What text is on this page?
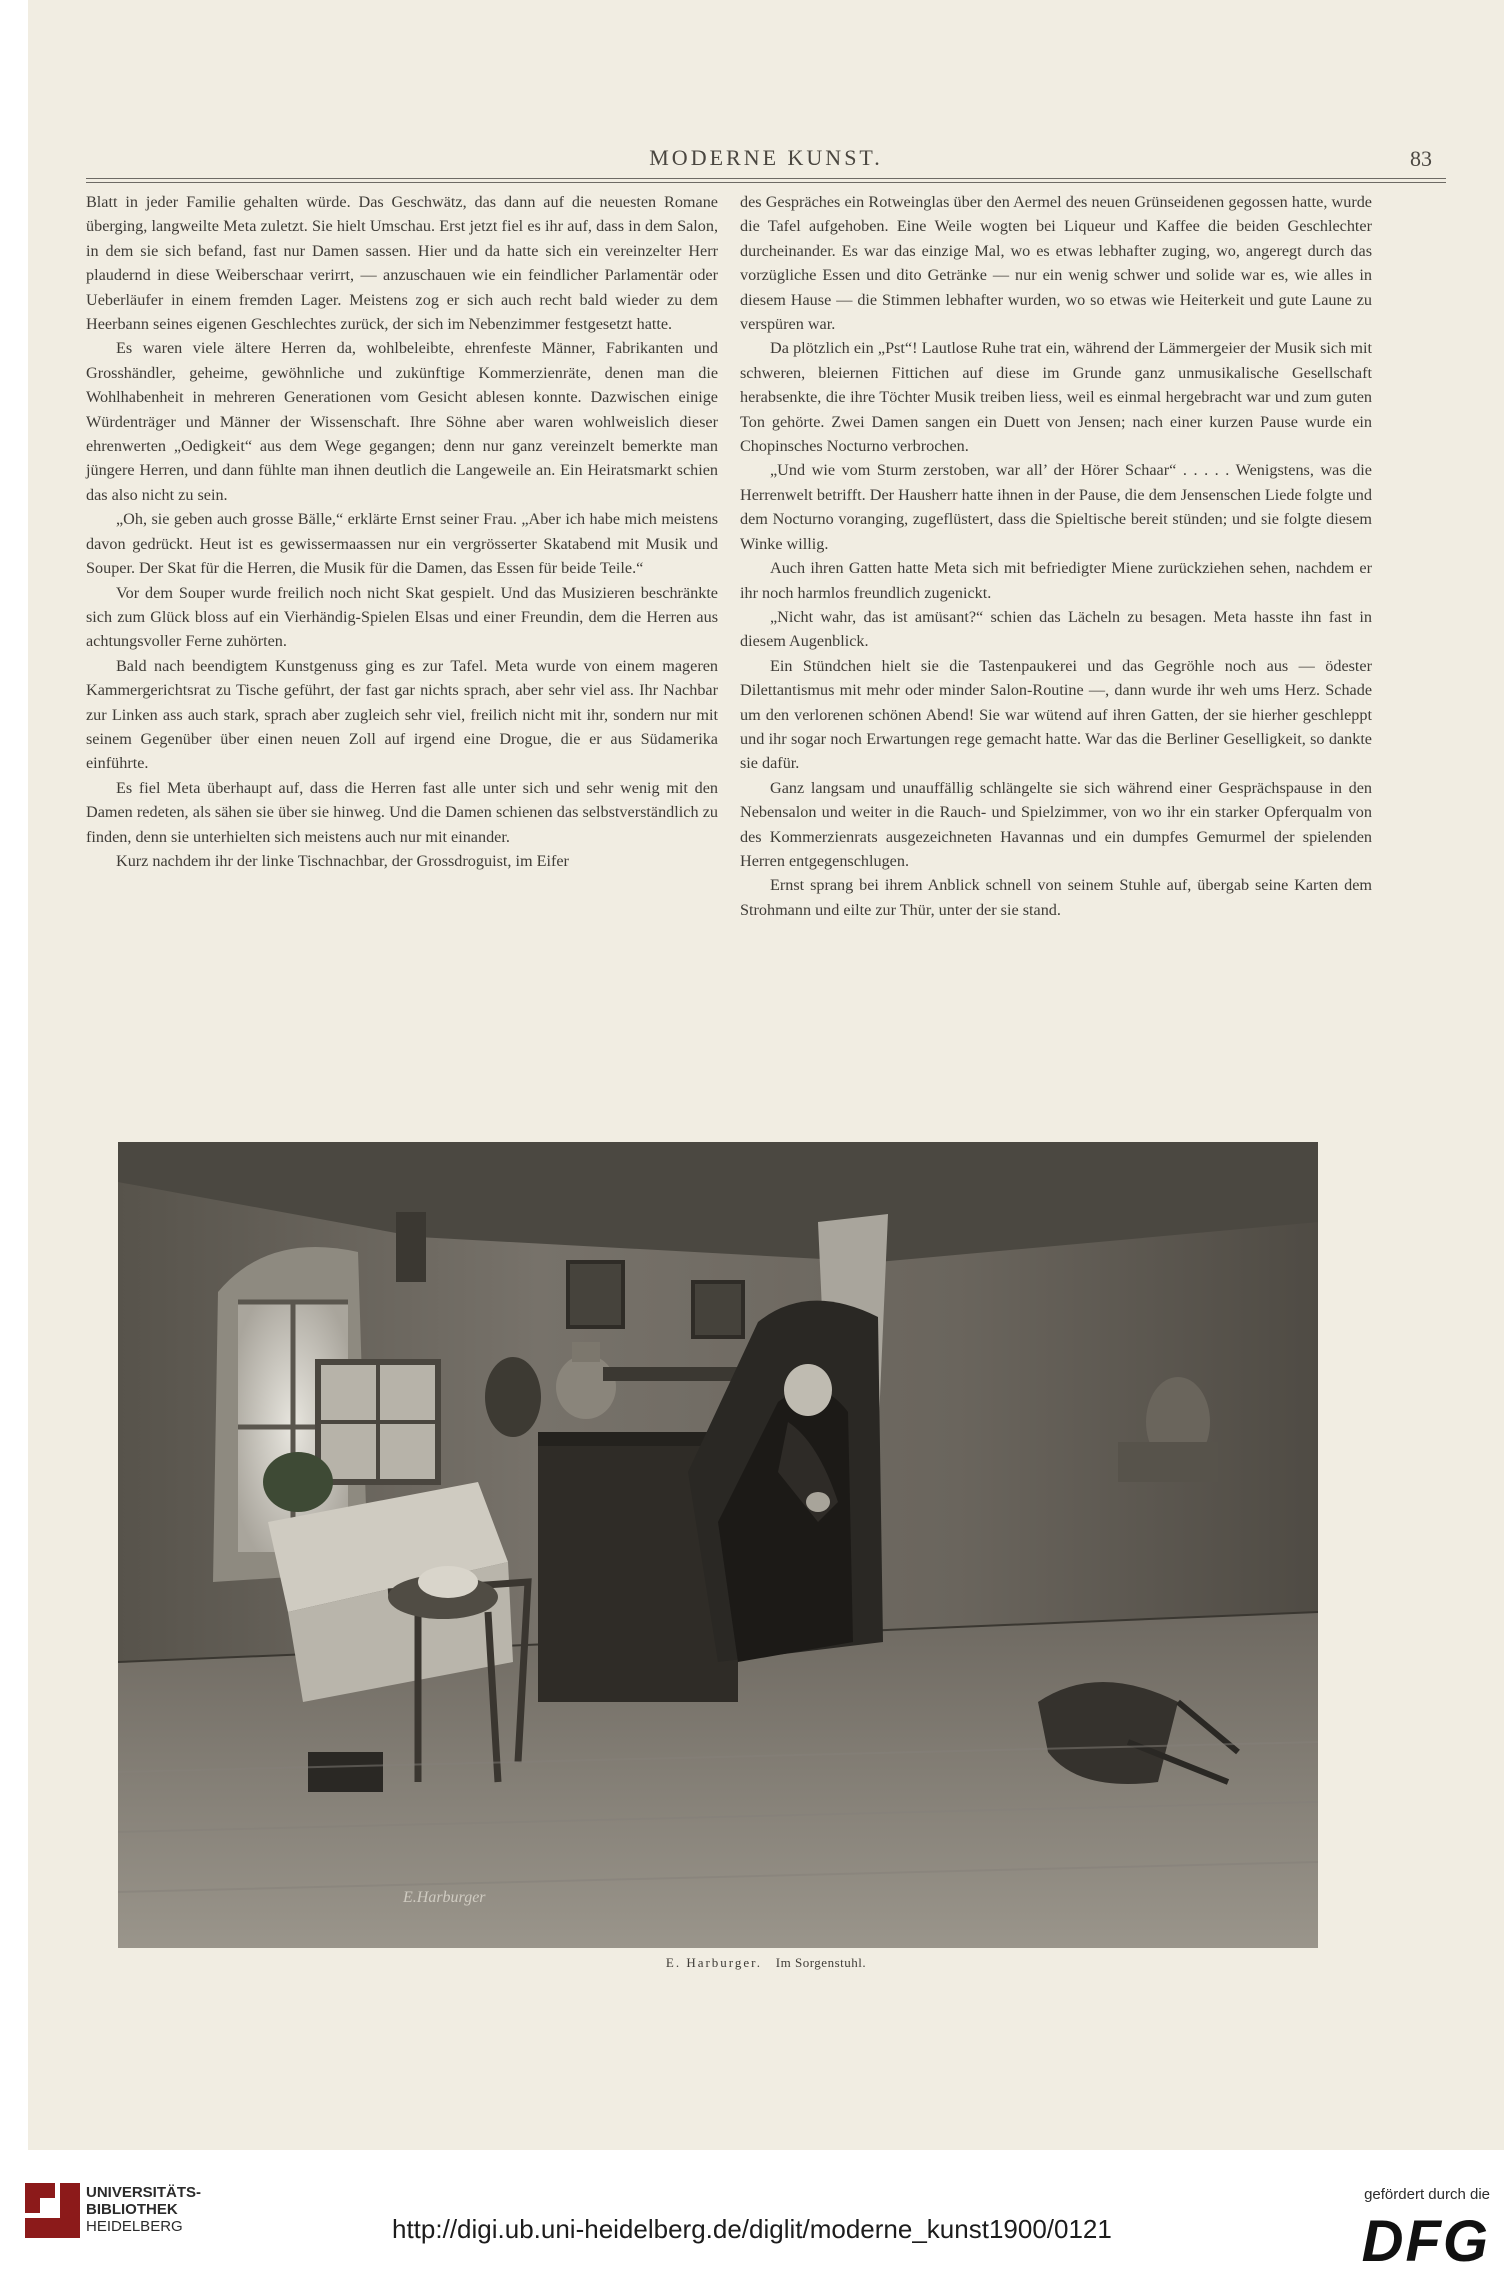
MODERNE KUNST.	83

Blatt in jeder Familie gehalten würde. Das Geschwätz, das dann auf die neuesten Romane überging, langweilte Meta zuletzt. Sie hielt Umschau. Erst jetzt fiel es ihr auf, dass in dem Salon, in dem sie sich befand, fast nur Damen sassen. Hier und da hatte sich ein vereinzelter Herr plaudernd in diese Weiberschaar verirrt, — anzuschauen wie ein feindlicher Parlamentär oder Ueberläufer in einem fremden Lager. Meistens zog er sich auch recht bald wieder zu dem Heerbann seines eigenen Geschlechtes zurück, der sich im Nebenzimmer festgesetzt hatte.

Es waren viele ältere Herren da, wohlbeleibte, ehrenfeste Männer, Fabrikanten und Grosshändler, geheime, gewöhnliche und zukünftige Kommerzienräte, denen man die Wohlhabenheit in mehreren Generationen vom Gesicht ablesen konnte. Dazwischen einige Würdenträger und Männer der Wissenschaft. Ihre Söhne aber waren wohlweislich dieser ehrenwerten „Oedigkeit“ aus dem Wege gegangen; denn nur ganz vereinzelt bemerkte man jüngere Herren, und dann fühlte man ihnen deutlich die Langeweile an. Ein Heiratsmarkt schien das also nicht zu sein.

„Oh, sie geben auch grosse Bälle,“ erklärte Ernst seiner Frau. „Aber ich habe mich meistens davon gedrückt. Heut ist es gewissermaassen nur ein vergrösserter Skatabend mit Musik und Souper. Der Skat für die Herren, die Musik für die Damen, das Essen für beide Teile.“

Vor dem Souper wurde freilich noch nicht Skat gespielt. Und das Musizieren beschränkte sich zum Glück bloss auf ein Vierhändig-Spielen Elsas und einer Freundin, dem die Herren aus achtungsvoller Ferne zuhörten.

Bald nach beendigtem Kunstgenuss ging es zur Tafel. Meta wurde von einem mageren Kammergerichtsrat zu Tische geführt, der fast gar nichts sprach, aber sehr viel ass. Ihr Nachbar zur Linken ass auch stark, sprach aber zugleich sehr viel, freilich nicht mit ihr, sondern nur mit seinem Gegenüber über einen neuen Zoll auf irgend eine Drogue, die er aus Südamerika einführte.

Es fiel Meta überhaupt auf, dass die Herren fast alle unter sich und sehr wenig mit den Damen redeten, als sähen sie über sie hinweg. Und die Damen schienen das selbstverständlich zu finden, denn sie unterhielten sich meistens auch nur mit einander.

Kurz nachdem ihr der linke Tischnachbar, der Grossdroguist, im Eifer

des Gespräches ein Rotweinglas über den Aermel des neuen Grünseidenen gegossen hatte, wurde die Tafel aufgehoben. Eine Weile wogten bei Liqueur und Kaffee die beiden Geschlechter durcheinander. Es war das einzige Mal, wo es etwas lebhafter zuging, wo, angeregt durch das vorzügliche Essen und dito Getränke — nur ein wenig schwer und solide war es, wie alles in diesem Hause — die Stimmen lebhafter wurden, wo so etwas wie Heiterkeit und gute Laune zu verspüren war.

Da plötzlich ein „Pst“! Lautlose Ruhe trat ein, während der Lämmergeier der Musik sich mit schweren, bleiernen Fittichen auf diese im Grunde ganz unmusikalische Gesellschaft herabsenkte, die ihre Töchter Musik treiben liess, weil es einmal hergebracht war und zum guten Ton gehörte. Zwei Damen sangen ein Duett von Jensen; nach einer kurzen Pause wurde ein Chopinsches Nocturno verbrochen.

„Und wie vom Sturm zerstoben, war all’ der Hörer Schaar“ . . . . . Wenigstens, was die Herrenwelt betrifft. Der Hausherr hatte ihnen in der Pause, die dem Jensenschen Liede folgte und dem Nocturno voranging, zugeflüstert, dass die Spieltische bereit stünden; und sie folgte diesem Winke willig.

Auch ihren Gatten hatte Meta sich mit befriedigter Miene zurückziehen sehen, nachdem er ihr noch harmlos freundlich zugenickt.

„Nicht wahr, das ist amüsant?“ schien das Lächeln zu besagen. Meta hasste ihn fast in diesem Augenblick.

Ein Stündchen hielt sie die Tastenpaukerei und das Gegröhle noch aus — ödester Dilettantismus mit mehr oder minder Salon-Routine —, dann wurde ihr weh ums Herz. Schade um den verlorenen schönen Abend! Sie war wütend auf ihren Gatten, der sie hierher geschleppt und ihr sogar noch Erwartungen rege gemacht hatte. War das die Berliner Geselligkeit, so dankte sie dafür.

Ganz langsam und unauffällig schlängelte sie sich während einer Gesprächspause in den Nebensalon und weiter in die Rauch- und Spielzimmer, von wo ihr ein starker Opferqualm von des Kommerzienrats ausgezeichneten Havannas und ein dumpfes Gemurmel der spielenden Herren entgegenschlugen.

Ernst sprang bei ihrem Anblick schnell von seinem Stuhle auf, übergab seine Karten dem Strohmann und eilte zur Thür, unter der sie stand.

E.Harburger
E. Harburger. Im Sorgenstuhl.
UNIVERSITÄTS-
BIBLIOTHEK
HEIDELBERG	http://digi.ub.uni-heidelberg.de/diglit/moderne_kunst1900/0121
gefördert durch die
DFG
